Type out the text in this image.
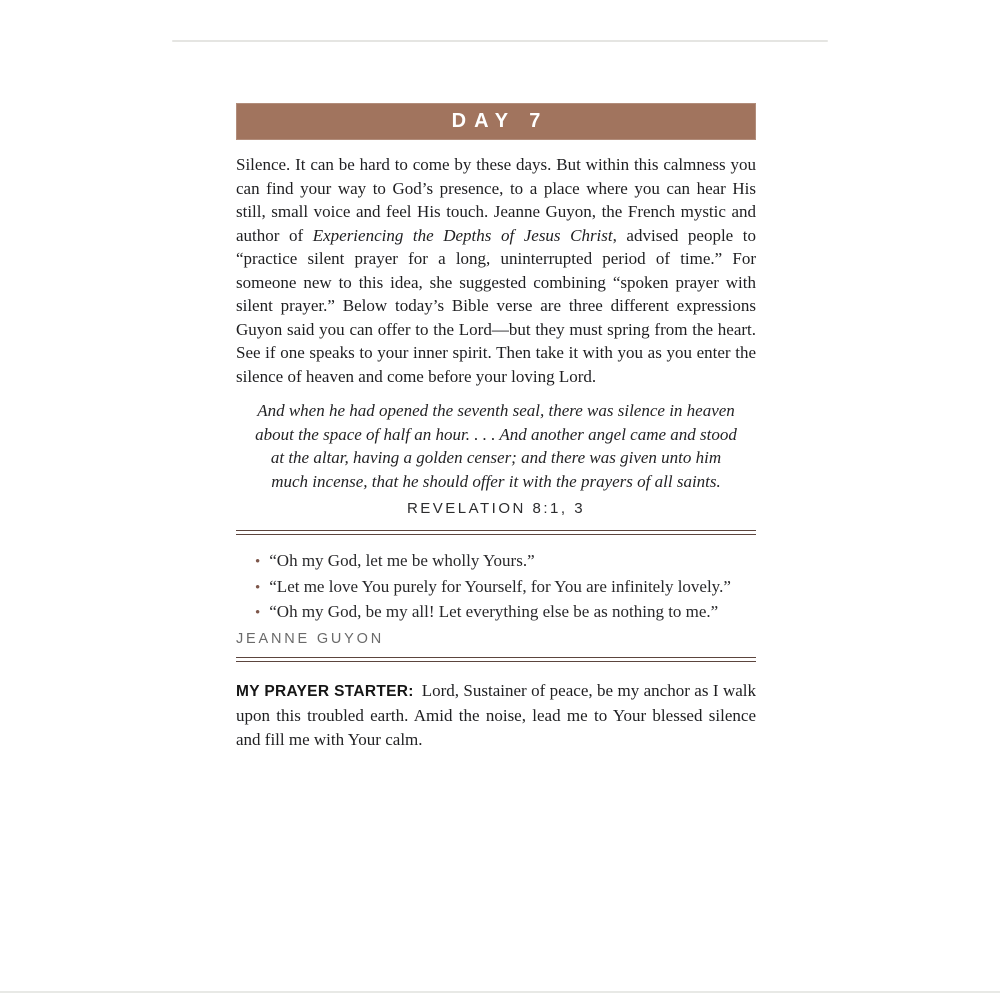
DAY 7

Silence. It can be hard to come by these days. But within this calmness you can find your way to God’s presence, to a place where you can hear His still, small voice and feel His touch. Jeanne Guyon, the French mystic and author of Experiencing the Depths of Jesus Christ, advised people to “practice silent prayer for a long, uninterrupted period of time.” For someone new to this idea, she suggested combining “spoken prayer with silent prayer.” Below today’s Bible verse are three different expressions Guyon said you can offer to the Lord—but they must spring from the heart. See if one speaks to your inner spirit. Then take it with you as you enter the silence of heaven and come before your loving Lord.

And when he had opened the seventh seal, there was silence in heaven
about the space of half an hour. . . . And another angel came and stood
at the altar, having a golden censer; and there was given unto him
much incense, that he should offer it with the prayers of all saints.
REVELATION 8:1, 3
• “Oh my God, let me be wholly Yours.”
• “Let me love You purely for Yourself, for You are infinitely lovely.”
• “Oh my God, be my all! Let everything else be as nothing to me.”
JEANNE GUYON

MY PRAYER STARTER: Lord, Sustainer of peace, be my anchor as I walk upon this troubled earth. Amid the noise, lead me to Your blessed silence and fill me with Your calm.
